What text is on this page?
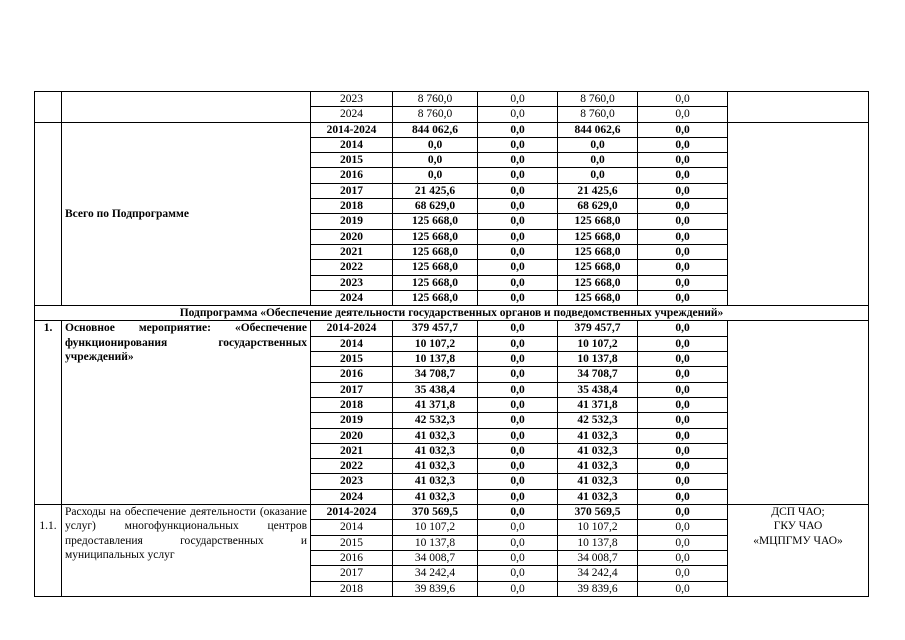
		2023	8 760,0	0,0	8 760,0	0,0	
		2024	8 760,0	0,0	8 760,0	0,0	
	Всего по Подпрограмме	2014-2024	844 062,6	0,0	844 062,6	0,0	
		2014	0,0	0,0	0,0	0,0	
		2015	0,0	0,0	0,0	0,0	
		2016	0,0	0,0	0,0	0,0	
		2017	21 425,6	0,0	21 425,6	0,0	
		2018	68 629,0	0,0	68 629,0	0,0	
		2019	125 668,0	0,0	125 668,0	0,0	
		2020	125 668,0	0,0	125 668,0	0,0	
		2021	125 668,0	0,0	125 668,0	0,0	
		2022	125 668,0	0,0	125 668,0	0,0	
		2023	125 668,0	0,0	125 668,0	0,0	
		2024	125 668,0	0,0	125 668,0	0,0	
Подпрограмма «Обеспечение деятельности государственных органов и подведомственных учреждений»							
1.	Основное мероприятие: «Обеспечение функционирования государственных учреждений»	2014-2024	379 457,7	0,0	379 457,7	0,0	
		2014	10 107,2	0,0	10 107,2	0,0	
		2015	10 137,8	0,0	10 137,8	0,0	
		2016	34 708,7	0,0	34 708,7	0,0	
		2017	35 438,4	0,0	35 438,4	0,0	
		2018	41 371,8	0,0	41 371,8	0,0	
		2019	42 532,3	0,0	42 532,3	0,0	
		2020	41 032,3	0,0	41 032,3	0,0	
		2021	41 032,3	0,0	41 032,3	0,0	
		2022	41 032,3	0,0	41 032,3	0,0	
		2023	41 032,3	0,0	41 032,3	0,0	
		2024	41 032,3	0,0	41 032,3	0,0	
1.1.	Расходы на обеспечение деятельности (оказание услуг) многофункциональных центров предоставления государственных и муниципальных услуг	2014-2024	370 569,5	0,0	370 569,5	0,0	ДСП ЧАО;
ГКУ ЧАО
«МЦПГМУ ЧАО»

		2014	10 107,2	0,0	10 107,2	0,0	
		2015	10 137,8	0,0	10 137,8	0,0	
		2016	34 008,7	0,0	34 008,7	0,0	
		2017	34 242,4	0,0	34 242,4	0,0	
		2018	39 839,6	0,0	39 839,6	0,0	
